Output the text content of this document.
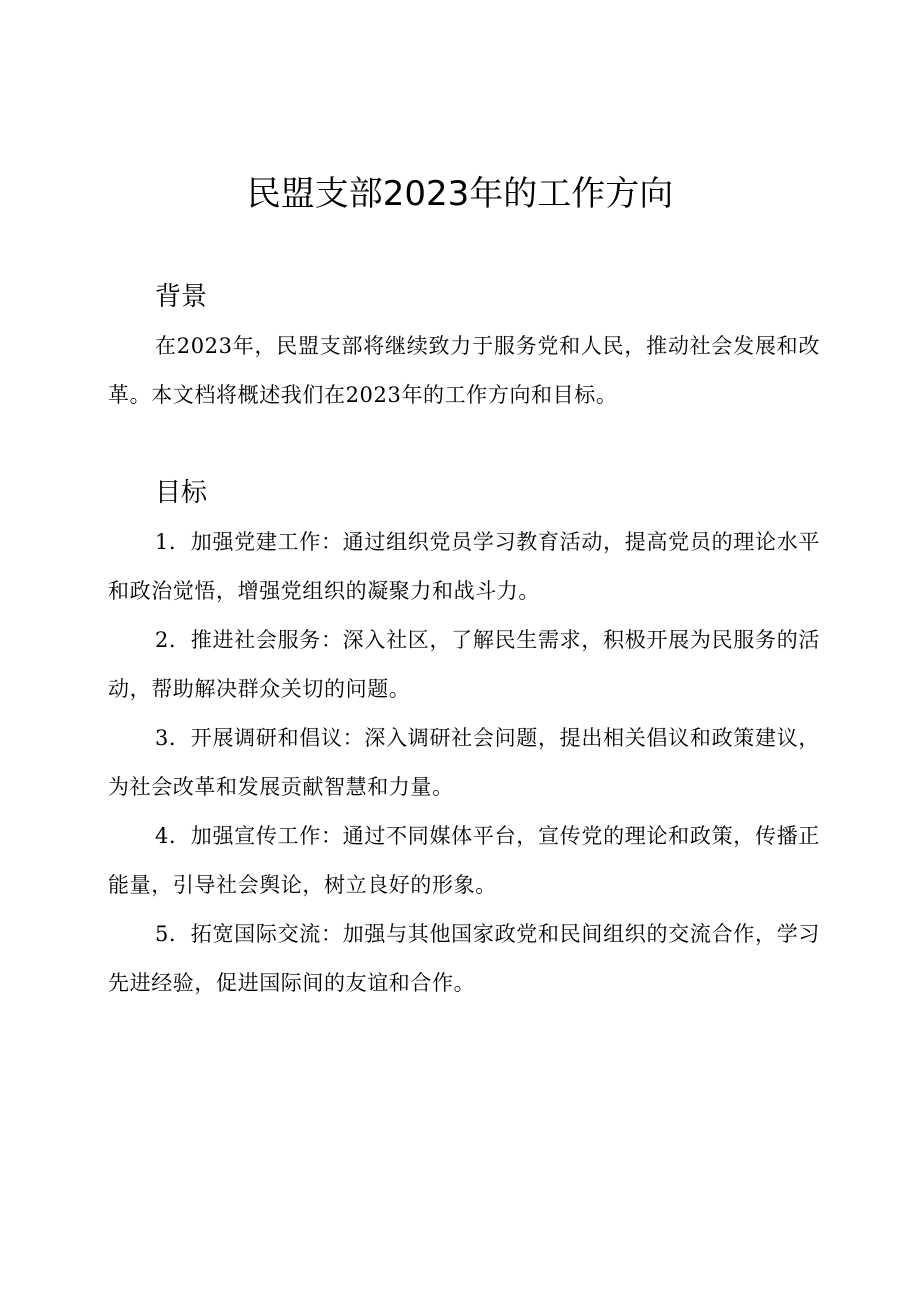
民盟支部2023年的工作方向
背景

在2023年，民盟支部将继续致力于服务党和人民，推动社会发展和改革。本文档将概述我们在2023年的工作方向和目标。

目标

1．加强党建工作：通过组织党员学习教育活动，提高党员的理论水平和政治觉悟，增强党组织的凝聚力和战斗力。

2．推进社会服务：深入社区，了解民生需求，积极开展为民服务的活动，帮助解决群众关切的问题。

3．开展调研和倡议：深入调研社会问题，提出相关倡议和政策建议，为社会改革和发展贡献智慧和力量。

4．加强宣传工作：通过不同媒体平台，宣传党的理论和政策，传播正能量，引导社会舆论，树立良好的形象。

5．拓宽国际交流：加强与其他国家政党和民间组织的交流合作，学习先进经验，促进国际间的友谊和合作。
